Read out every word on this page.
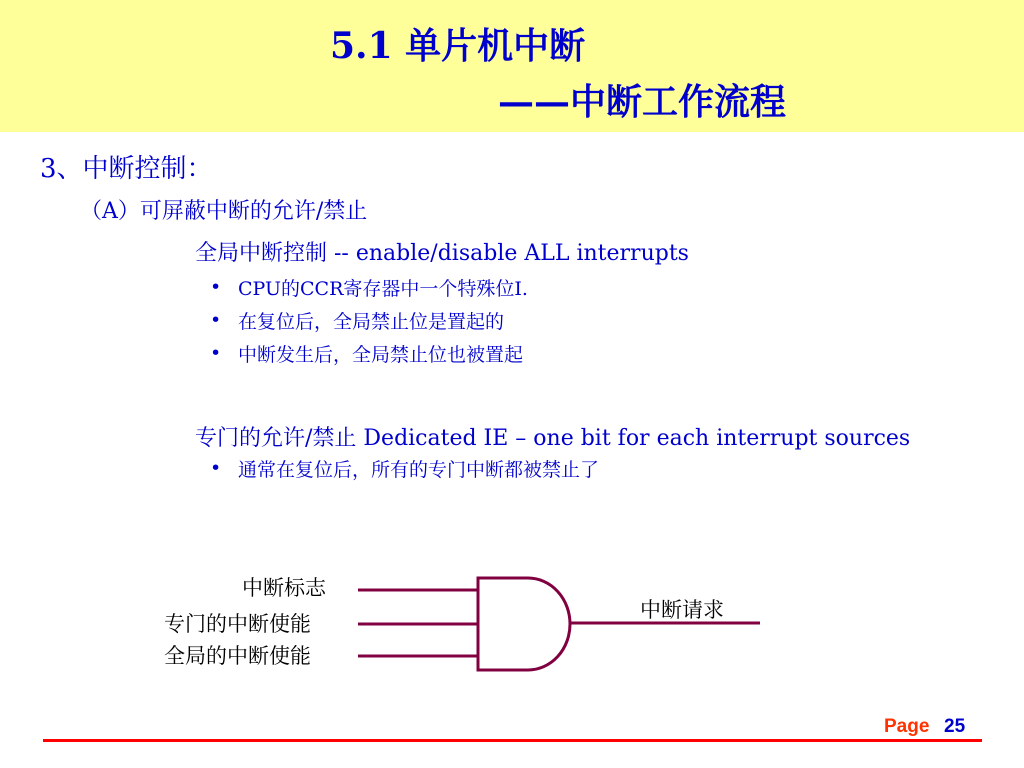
5.1 单片机中断
——中断工作流程
3、中断控制：
（A）可屏蔽中断的允许/禁止
全局中断控制 -- enable/disable ALL interrupts
• CPU的CCR寄存器中一个特殊位I.
• 在复位后，全局禁止位是置起的
• 中断发生后，全局禁止位也被置起
专门的允许/禁止 Dedicated IE – one bit for each interrupt sources
• 通常在复位后，所有的专门中断都被禁止了
中断标志
专门的中断使能
全局的中断使能
中断请求
Page 25
